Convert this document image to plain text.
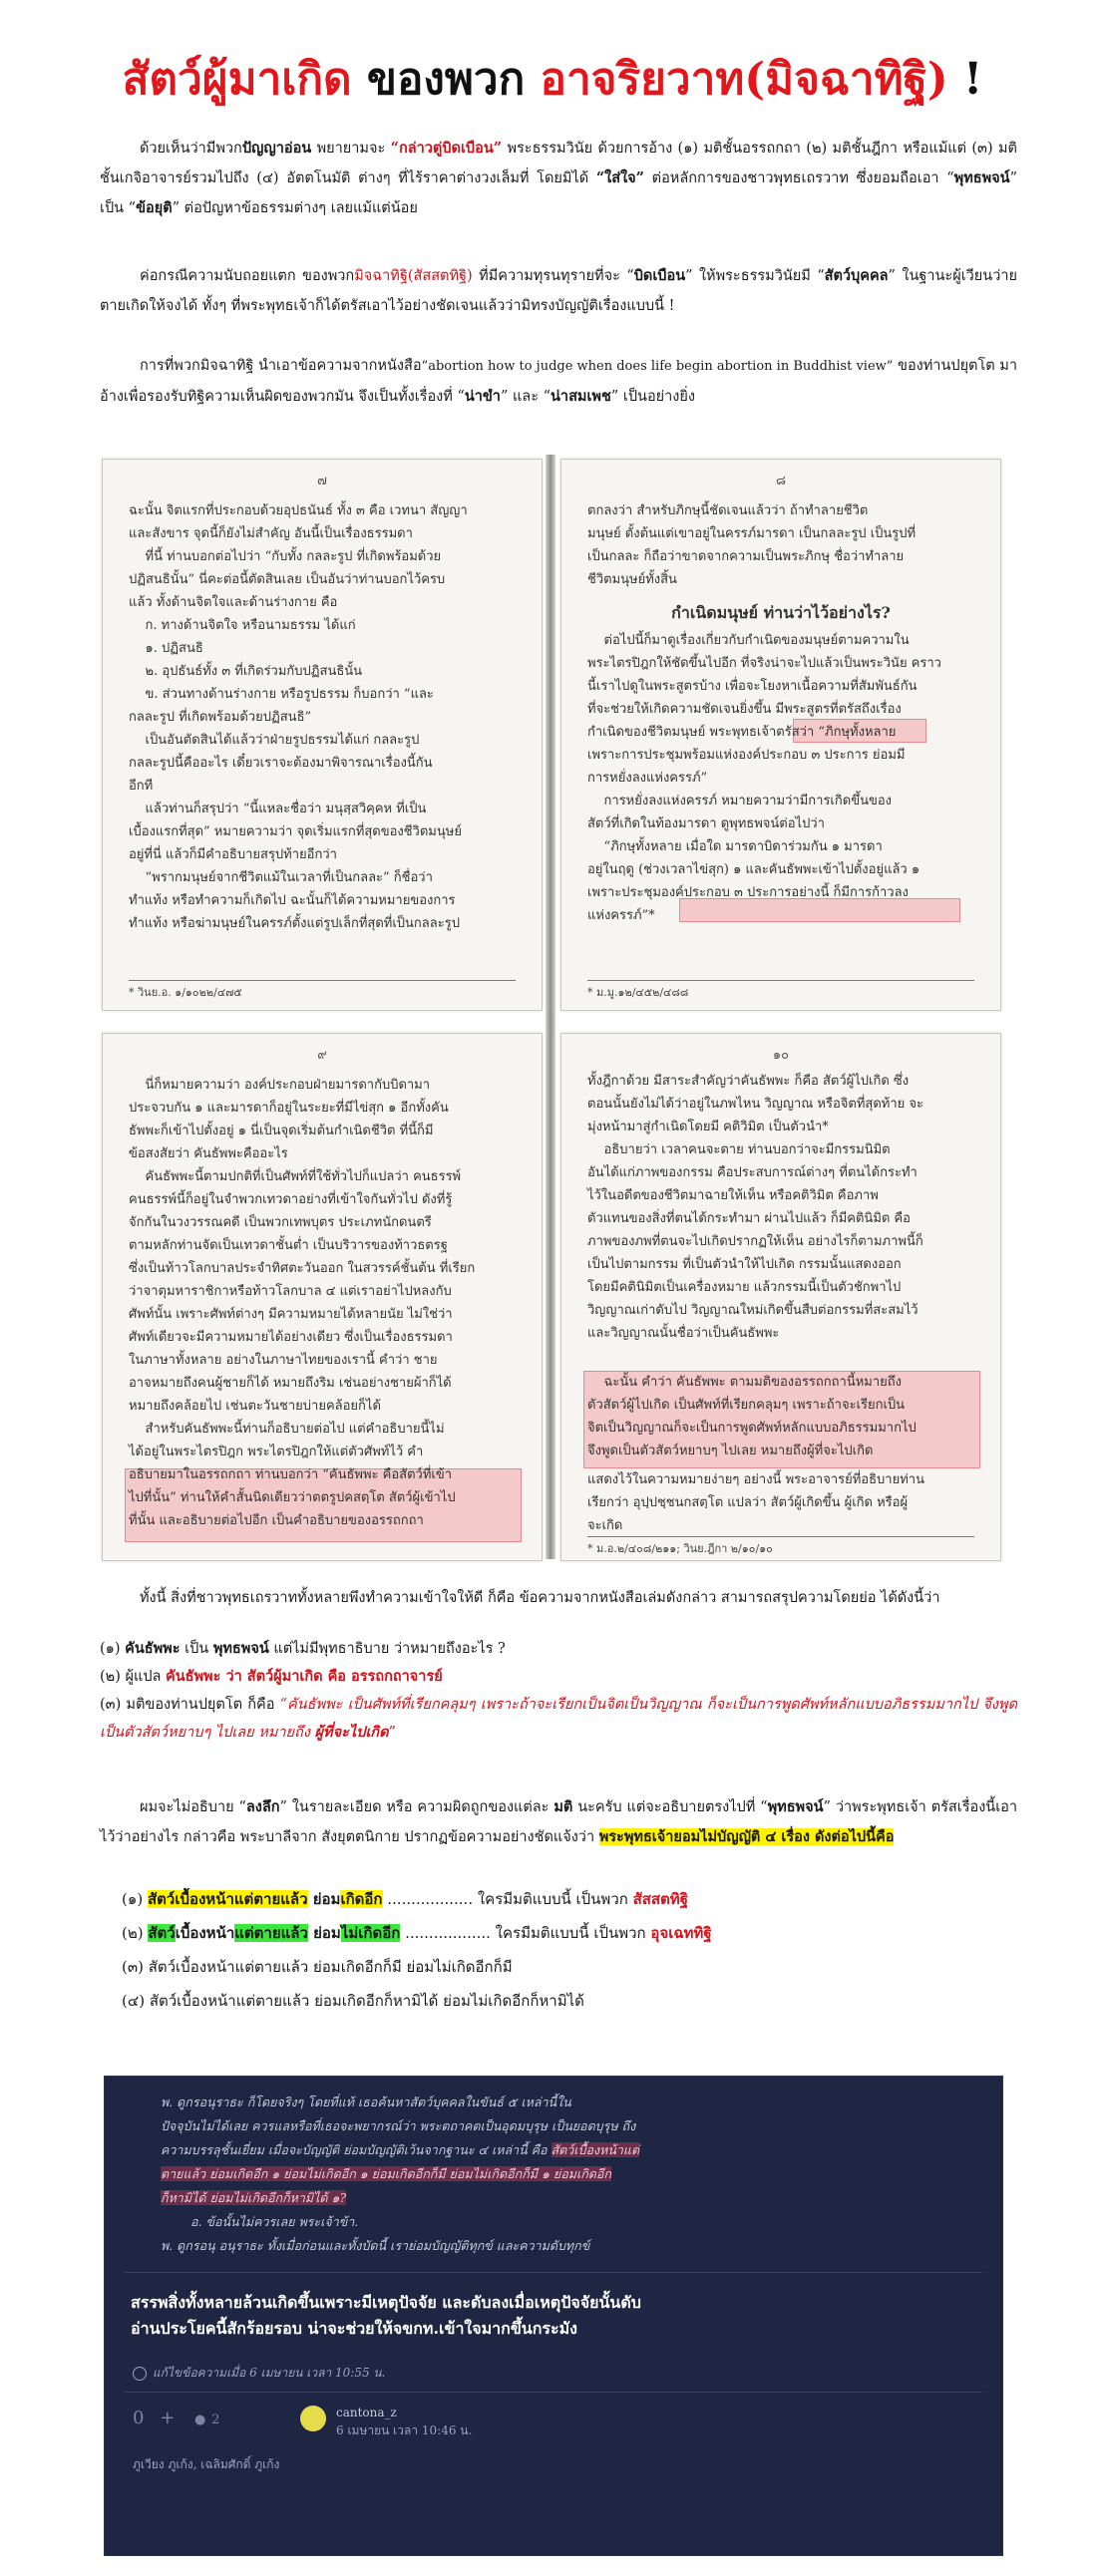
สัตว์ผู้มาเกิด ของพวก อาจริยวาท(มิจฉาทิฐิ) !
ด้วยเห็นว่ามีพวกปัญญาอ่อน พยายามจะ “กล่าวตู่บิดเบือน” พระธรรมวินัย ด้วยการอ้าง (๑) มติชั้นอรรถกถา (๒) มติชั้นฎีกา หรือแม้แต่ (๓) มติชั้นเกจิอาจารย์รวมไปถึง (๔) อัตตโนมัติ ต่างๆ ที่ไร้ราคาต่างวงเล็มที่ โดยมิได้ “ใส่ใจ” ต่อหลักการของชาวพุทธเถรวาท ซึ่งยอมถือเอา “พุทธพจน์” เป็น “ข้อยุติ” ต่อปัญหาข้อธรรมต่างๆ เลยแม้แต่น้อย
ค่อกรณีความนับถอยแตก ของพวกมิจฉาทิฐิ(สัสสตทิฐิ) ที่มีความทุรนทุรายที่จะ “บิดเบือน” ให้พระธรรมวินัยมี “สัตว์บุคคล” ในฐานะผู้เวียนว่ายตายเกิดให้จงได้ ทั้งๆ ที่พระพุทธเจ้าก็ได้ตรัสเอาไว้อย่างชัดเจนแล้วว่ามิทรงบัญญัติเรื่องแบบนี้ !
การที่พวกมิจฉาทิฐิ นำเอาข้อความจากหนังสือ“abortion how to judge when does life begin abortion in Buddhist view” ของท่านปยุตโต มาอ้างเพื่อรองรับทิฐิความเห็นผิดของพวกมัน จึงเป็นทั้งเรื่องที่ “น่าขำ” และ “น่าสมเพช” เป็นอย่างยิ่ง
๗
ฉะนั้น จิตแรกที่ประกอบด้วยอุปธนันธ์ ทั้ง ๓ คือ เวทนา สัญญา
และสังขาร จุดนี้ก็ยังไม่สำคัญ อันนี้เป็นเรื่องธรรมดา
ที่นี้ ท่านบอกต่อไปว่า “กับทั้ง กลละรูป ที่เกิดพร้อมด้วย
ปฏิสนธินั้น” นี่คะต่อนี้ตัดสินเลย เป็นอันว่าท่านบอกไว้ครบ
แล้ว ทั้งด้านจิตใจและด้านร่างกาย คือ
ก. ทางด้านจิตใจ หรือนามธรรม ได้แก่
๑. ปฏิสนธิ
๒. อุปธันธ์ทั้ง ๓ ที่เกิดร่วมกับปฏิสนธินั้น
ข. ส่วนทางด้านร่างกาย หรือรูปธรรม ก็บอกว่า “และ
กลละรูป ที่เกิดพร้อมด้วยปฏิสนธิ”
เป็นอันตัดสินได้แล้วว่าฝ่ายรูปธรรมได้แก่ กลละรูป
กลละรูปนี้คืออะไร เดี๋ยวเราจะต้องมาพิจารณาเรื่องนี้กัน
อีกที
แล้วท่านก็สรุปว่า “นี้แหละชื่อว่า มนุสฺสวิคฺคห ที่เป็น
เบื้องแรกที่สุด” หมายความว่า จุดเริ่มแรกที่สุดของชีวิตมนุษย์
อยู่ที่นี่ แล้วก็มีคำอธิบายสรุปท้ายอีกว่า
“พรากมนุษย์จากชีวิตแม้ในเวลาที่เป็นกลละ” ก็ชื่อว่า
ทำแท้ง หรือทำความก็เกิดไป ฉะนั้นก็ได้ความหมายของการ
ทำแท้ง หรือฆ่ามนุษย์ในครรภ์ตั้งแต่รูปเล็กที่สุดที่เป็นกลละรูป
* วินย.อ. ๑/๑๐๒๒/๔๗๕
๘
ตกลงว่า สำหรับภิกษุนี้ชัดเจนแล้วว่า ถ้าทำลายชีวิต
มนุษย์ ตั้งต้นแต่เขาอยู่ในครรภ์มารดา เป็นกลละรูป เป็นรูปที่
เป็นกลละ ก็ถือว่าขาดจากความเป็นพระภิกษุ ชื่อว่าทำลาย
ชีวิตมนุษย์ทั้งสิ้น
กำเนิดมนุษย์ ท่านว่าไว้อย่างไร?
ต่อไปนี้ก็มาดูเรื่องเกี่ยวกับกำเนิดของมนุษย์ตามความใน
พระไตรปิฎกให้ชัดขึ้นไปอีก ที่จริงน่าจะไปแล้วเป็นพระวินัย คราว
นี้เราไปดูในพระสูตรบ้าง เพื่อจะโยงหาเนื้อความที่สัมพันธ์กัน
ที่จะช่วยให้เกิดความชัดเจนยิ่งขึ้น มีพระสูตรที่ตรัสถึงเรื่อง
กำเนิดของชีวิตมนุษย์ พระพุทธเจ้าตรัสว่า “ภิกษุทั้งหลาย
เพราะการประชุมพร้อมแห่งองค์ประกอบ ๓ ประการ ย่อมมี
การหยั่งลงแห่งครรภ์”
การหยั่งลงแห่งครรภ์ หมายความว่ามีการเกิดขึ้นของ
สัตว์ที่เกิดในท้องมารดา ดูพุทธพจน์ต่อไปว่า
“ภิกษุทั้งหลาย เมื่อใด มารดาบิดาร่วมกัน ๑ มารดา
อยู่ในฤดู (ช่วงเวลาไข่สุก) ๑ และคันธัพพะเข้าไปตั้งอยู่แล้ว ๑
เพราะประชุมองค์ประกอบ ๓ ประการอย่างนี้ ก็มีการก้าวลง
แห่งครรภ์”*
* ม.มู.๑๒/๔๕๒/๔๘๘
๙
นี่ก็หมายความว่า องค์ประกอบฝ่ายมารดากับบิดามา
ประจวบกัน ๑ และมารดาก็อยู่ในระยะที่มีไข่สุก ๑ อีกทั้งคัน
ธัพพะก็เข้าไปตั้งอยู่ ๑ นี่เป็นจุดเริ่มต้นกำเนิดชีวิต ที่นี้ก็มี
ข้อสงสัยว่า คันธัพพะคืออะไร
คันธัพพะนี้ตามปกติที่เป็นศัพท์ที่ใช้ทั่วไปก็แปลว่า คนธรรพ์
คนธรรพ์นี้ก็อยู่ในจำพวกเทวดาอย่างที่เข้าใจกันทั่วไป ดังที่รู้
จักกันในวงวรรณคดี เป็นพวกเทพบุตร ประเภทนักดนตรี
ตามหลักท่านจัดเป็นเทวดาชั้นต่ำ เป็นบริวารของท้าวธตรฐ
ซึ่งเป็นท้าวโลกบาลประจำทิศตะวันออก ในสวรรค์ชั้นต้น ที่เรียก
ว่าจาตุมหาราชิกาหรือท้าวโลกบาล ๔ แต่เราอย่าไปหลงกับ
ศัพท์นั้น เพราะศัพท์ต่างๆ มีความหมายได้หลายนัย ไม่ใช่ว่า
ศัพท์เดียวจะมีความหมายได้อย่างเดียว ซึ่งเป็นเรื่องธรรมดา
ในภาษาทั้งหลาย อย่างในภาษาไทยของเรานี้ คำว่า ชาย
อาจหมายถึงคนผู้ชายก็ได้ หมายถึงริม เช่นอย่างชายผ้าก็ได้
หมายถึงคล้อยไป เช่นตะวันชายบ่ายคล้อยก็ได้
สำหรับคันธัพพะนี้ท่านก็อธิบายต่อไป แต่คำอธิบายนี้ไม่
ได้อยู่ในพระไตรปิฎก พระไตรปิฎกให้แต่ตัวศัพท์ไว้ คำ
อธิบายมาในอรรถกถา ท่านบอกว่า “คันธัพพะ คือสัตว์ที่เข้า
ไปที่นั้น” ท่านให้คำสั้นนิดเดียวว่าตตรูปคสตฺโต สัตว์ผู้เข้าไป
ที่นั้น และอธิบายต่อไปอีก เป็นคำอธิบายของอรรถกถา
๑๐
ทั้งฎีกาด้วย มีสาระสำคัญว่าคันธัพพะ ก็คือ สัตว์ผู้ไปเกิด ซึ่ง
ตอนนั้นยังไม่ได้ว่าอยู่ในภพไหน วิญญาณ หรือจิตที่สุดท้าย จะ
มุ่งหน้ามาสู่กำเนิดโดยมี คติวิมิต เป็นตัวนำ*
อธิบายว่า เวลาคนจะตาย ท่านบอกว่าจะมีกรรมนิมิต
อันได้แก่ภาพของกรรม คือประสบการณ์ต่างๆ ที่ตนได้กระทำ
ไว้ในอดีตของชีวิตมาฉายให้เห็น หรือคติวิมิต คือภาพ
ตัวแทนของสิ่งที่ตนได้กระทำมา ผ่านไปแล้ว ก็มีคตินิมิต คือ
ภาพของภพที่ตนจะไปเกิดปรากฏให้เห็น อย่างไรก็ตามภาพนี้ก็
เป็นไปตามกรรม ที่เป็นตัวนำให้ไปเกิด กรรมนั้นแสดงออก
โดยมีคตินิมิตเป็นเครื่องหมาย แล้วกรรมนี้เป็นตัวชักพาไป
วิญญาณเก่าดับไป วิญญาณใหม่เกิดขึ้นสืบต่อกรรมที่สะสมไว้
และวิญญาณนั้นชื่อว่าเป็นคันธัพพะ
ฉะนั้น คำว่า คันธัพพะ ตามมติของอรรถกถานี้หมายถึง
ตัวสัตว์ผู้ไปเกิด เป็นศัพท์ที่เรียกคลุมๆ เพราะถ้าจะเรียกเป็น
จิตเป็นวิญญาณก็จะเป็นการพูดศัพท์หลักแบบอภิธรรมมากไป
จึงพูดเป็นตัวสัตว์หยาบๆ ไปเลย หมายถึงผู้ที่จะไปเกิด
แสดงไว้ในความหมายง่ายๆ อย่างนี้ พระอาจารย์ที่อธิบายท่าน
เรียกว่า อุปฺปชฺชนกสตฺโต แปลว่า สัตว์ผู้เกิดขึ้น ผู้เกิด หรือผู้
จะเกิด
* ม.อ.๒/๔๐๘/๒๑๑; วินย.ฎีกา ๒/๑๐/๑๐
ทั้งนี้ สิ่งที่ชาวพุทธเถรวาททั้งหลายพึงทำความเข้าใจให้ดี ก็คือ ข้อความจากหนังสือเล่มดังกล่าว สามารถสรุปความโดยย่อ ได้ดังนี้ว่า
(๑) คันธัพพะ เป็น พุทธพจน์ แต่ไม่มีพุทธาธิบาย ว่าหมายถึงอะไร ?
(๒) ผู้แปล คันธัพพะ ว่า สัตว์ผู้มาเกิด คือ อรรถกถาจารย์
(๓) มติของท่านปยุตโต ก็คือ “คันธัพพะ เป็นศัพท์ที่เรียกคลุมๆ เพราะถ้าจะเรียกเป็นจิตเป็นวิญญาณ ก็จะเป็นการพูดศัพท์หลักแบบอภิธรรมมากไป จึงพูดเป็นตัวสัตว์หยาบๆ ไปเลย หมายถึง ผู้ที่จะไปเกิด”
ผมจะไม่อธิบาย “ลงลึก” ในรายละเอียด หรือ ความผิดถูกของแต่ละ มติ นะครับ แต่จะอธิบายตรงไปที่ “พุทธพจน์” ว่าพระพุทธเจ้า ตรัสเรื่องนี้เอาไว้ว่าอย่างไร กล่าวคือ พระบาลีจาก สังยุตตนิกาย ปรากฏข้อความอย่างชัดแจ้งว่า พระพุทธเจ้ายอมไม่บัญญัติ ๔ เรื่อง ดังต่อไปนี้คือ
(๑) สัตว์เบื้องหน้าแต่ตายแล้ว ย่อมเกิดอีก .................. ใครมีมติแบบนี้ เป็นพวก สัสสตทิฐิ
(๒) สัตว์เบื้องหน้าแต่ตายแล้ว ย่อมไม่เกิดอีก .................. ใครมีมติแบบนี้ เป็นพวก อุจเฉททิฐิ
(๓) สัตว์เบื้องหน้าแต่ตายแล้ว ย่อมเกิดอีกก็มี ย่อมไม่เกิดอีกก็มี
(๔) สัตว์เบื้องหน้าแต่ตายแล้ว ย่อมเกิดอีกก็หามิได้ ย่อมไม่เกิดอีกก็หามิได้
พ. ดูกรอนุราธะ ก็โดยจริงๆ โดยที่แท้ เธอค้นหาสัตว์บุคคลในขันธ์ ๕ เหล่านี้ใน
ปัจจุบันไม่ได้เลย ควรแลหรือที่เธอจะพยากรณ์ว่า พระตถาคตเป็นอุดมบุรุษ เป็นยอดบุรุษ ถึง
ความบรรลุชั้นเยี่ยม เมื่อจะบัญญัติ ย่อมบัญญัติเว้นจากฐานะ ๔ เหล่านี้ คือ สัตว์เบื้องหน้าแต่
ตายแล้ว ย่อมเกิดอีก ๑ ย่อมไม่เกิดอีก ๑ ย่อมเกิดอีกก็มี ย่อมไม่เกิดอีกก็มี ๑ ย่อมเกิดอีก
ก็หามิได้ ย่อมไม่เกิดอีกก็หามิได้ ๑?
อ. ข้อนั้นไม่ควรเลย พระเจ้าข้า.
พ. ดูกรอนุ อนุราธะ ทั้งเมื่อก่อนและทั้งบัดนี้ เราย่อมบัญญัติทุกข์ และความดับทุกข์
สรรพสิ่งทั้งหลายล้วนเกิดขึ้นเพราะมีเหตุปัจจัย และดับลงเมื่อเหตุปัจจัยนั้นดับ
อ่านประโยคนี้สักร้อยรอบ น่าจะช่วยให้จขกท.เข้าใจมากขึ้นกระมัง
แก้ไขข้อความเมื่อ 6 เมษายน เวลา 10:55 น.
0 + ● 2	cantona_z
6 เมษายน เวลา 10:46 น.
ภูเวียง ภูเก้ง, เฉลิมศักดิ์ ภูเก้ง
